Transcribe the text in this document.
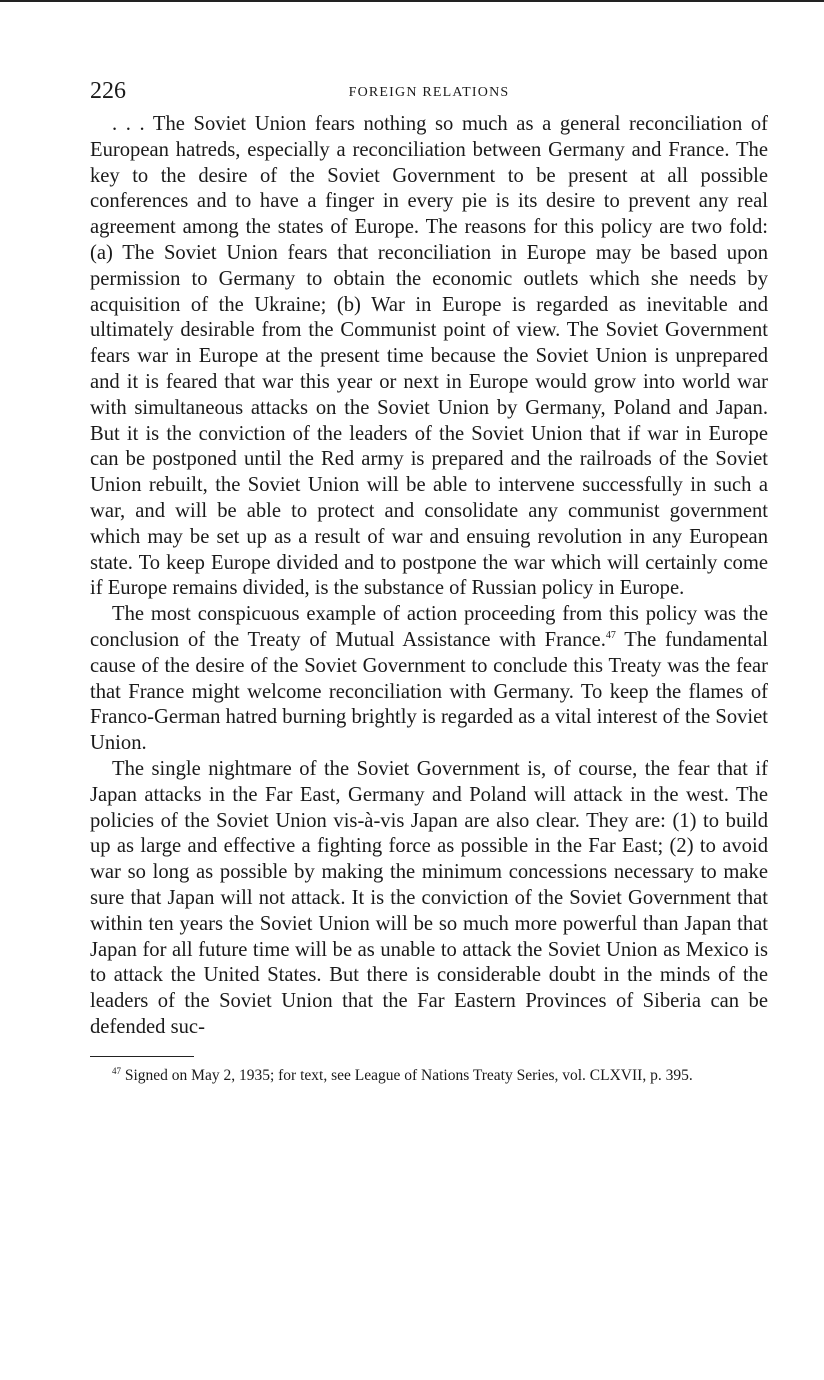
226	FOREIGN RELATIONS

. . . The Soviet Union fears nothing so much as a general reconciliation of European hatreds, especially a reconciliation between Germany and France. The key to the desire of the Soviet Government to be present at all possible conferences and to have a finger in every pie is its desire to prevent any real agreement among the states of Europe. The reasons for this policy are two fold: (a) The Soviet Union fears that reconciliation in Europe may be based upon permission to Germany to obtain the economic outlets which she needs by acquisition of the Ukraine; (b) War in Europe is regarded as inevitable and ultimately desirable from the Communist point of view. The Soviet Government fears war in Europe at the present time because the Soviet Union is unprepared and it is feared that war this year or next in Europe would grow into world war with simultaneous attacks on the Soviet Union by Germany, Poland and Japan. But it is the conviction of the leaders of the Soviet Union that if war in Europe can be postponed until the Red army is prepared and the railroads of the Soviet Union rebuilt, the Soviet Union will be able to intervene successfully in such a war, and will be able to protect and consolidate any communist government which may be set up as a result of war and ensuing revolution in any European state. To keep Europe divided and to postpone the war which will certainly come if Europe remains divided, is the substance of Russian policy in Europe.

The most conspicuous example of action proceeding from this policy was the conclusion of the Treaty of Mutual Assistance with France.$^{47}$ The fundamental cause of the desire of the Soviet Government to conclude this Treaty was the fear that France might welcome reconciliation with Germany. To keep the flames of Franco-German hatred burning brightly is regarded as a vital interest of the Soviet Union.

The single nightmare of the Soviet Government is, of course, the fear that if Japan attacks in the Far East, Germany and Poland will attack in the west. The policies of the Soviet Union vis-à-vis Japan are also clear. They are: (1) to build up as large and effective a fighting force as possible in the Far East; (2) to avoid war so long as possible by making the minimum concessions necessary to make sure that Japan will not attack. It is the conviction of the Soviet Government that within ten years the Soviet Union will be so much more powerful than Japan that Japan for all future time will be as unable to attack the Soviet Union as Mexico is to attack the United States. But there is considerable doubt in the minds of the leaders of the Soviet Union that the Far Eastern Provinces of Siberia can be defended suc-

$^{47}$ Signed on May 2, 1935; for text, see League of Nations Treaty Series, vol. CLXVII, p. 395.
